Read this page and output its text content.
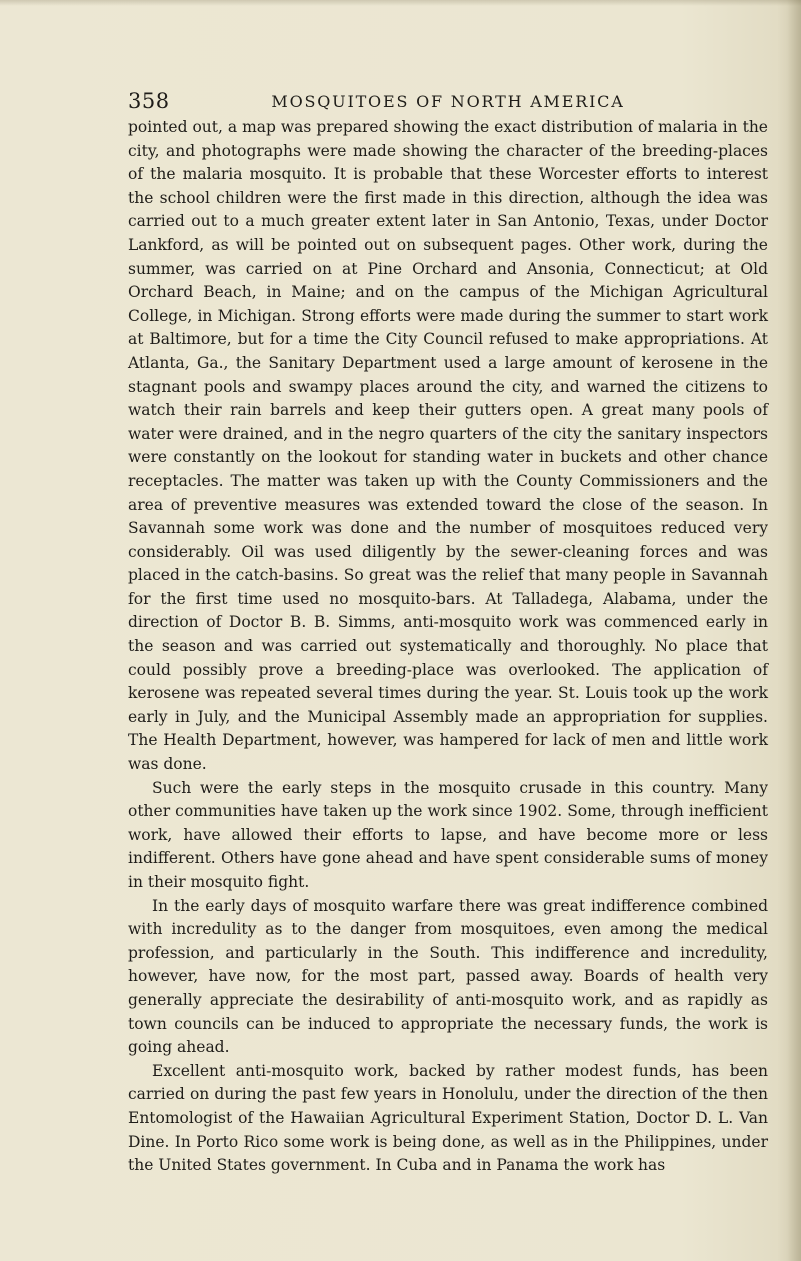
358	MOSQUITOES OF NORTH AMERICA

pointed out, a map was prepared showing the exact distribution of malaria in the city, and photographs were made showing the character of the breeding-places of the malaria mosquito. It is probable that these Worcester efforts to interest the school children were the first made in this direction, although the idea was carried out to a much greater extent later in San Antonio, Texas, under Doctor Lankford, as will be pointed out on subsequent pages. Other work, during the summer, was carried on at Pine Orchard and Ansonia, Connecticut; at Old Orchard Beach, in Maine; and on the campus of the Michigan Agricultural College, in Michigan. Strong efforts were made during the summer to start work at Baltimore, but for a time the City Council refused to make appropriations. At Atlanta, Ga., the Sanitary Department used a large amount of kerosene in the stagnant pools and swampy places around the city, and warned the citizens to watch their rain barrels and keep their gutters open. A great many pools of water were drained, and in the negro quarters of the city the sanitary inspectors were constantly on the lookout for standing water in buckets and other chance receptacles. The matter was taken up with the County Commissioners and the area of preventive measures was extended toward the close of the season. In Savannah some work was done and the number of mosquitoes reduced very considerably. Oil was used diligently by the sewer-cleaning forces and was placed in the catch-basins. So great was the relief that many people in Savannah for the first time used no mosquito-bars. At Talladega, Alabama, under the direction of Doctor B. B. Simms, anti-mosquito work was commenced early in the season and was carried out systematically and thoroughly. No place that could possibly prove a breeding-place was overlooked. The application of kerosene was repeated several times during the year. St. Louis took up the work early in July, and the Municipal Assembly made an appropriation for supplies. The Health Department, however, was hampered for lack of men and little work was done.

Such were the early steps in the mosquito crusade in this country. Many other communities have taken up the work since 1902. Some, through inefficient work, have allowed their efforts to lapse, and have become more or less indifferent. Others have gone ahead and have spent considerable sums of money in their mosquito fight.

In the early days of mosquito warfare there was great indifference combined with incredulity as to the danger from mosquitoes, even among the medical profession, and particularly in the South. This indifference and incredulity, however, have now, for the most part, passed away. Boards of health very generally appreciate the desirability of anti-mosquito work, and as rapidly as town councils can be induced to appropriate the necessary funds, the work is going ahead.

Excellent anti-mosquito work, backed by rather modest funds, has been carried on during the past few years in Honolulu, under the direction of the then Entomologist of the Hawaiian Agricultural Experiment Station, Doctor D. L. Van Dine. In Porto Rico some work is being done, as well as in the Philippines, under the United States government. In Cuba and in Panama the work has
